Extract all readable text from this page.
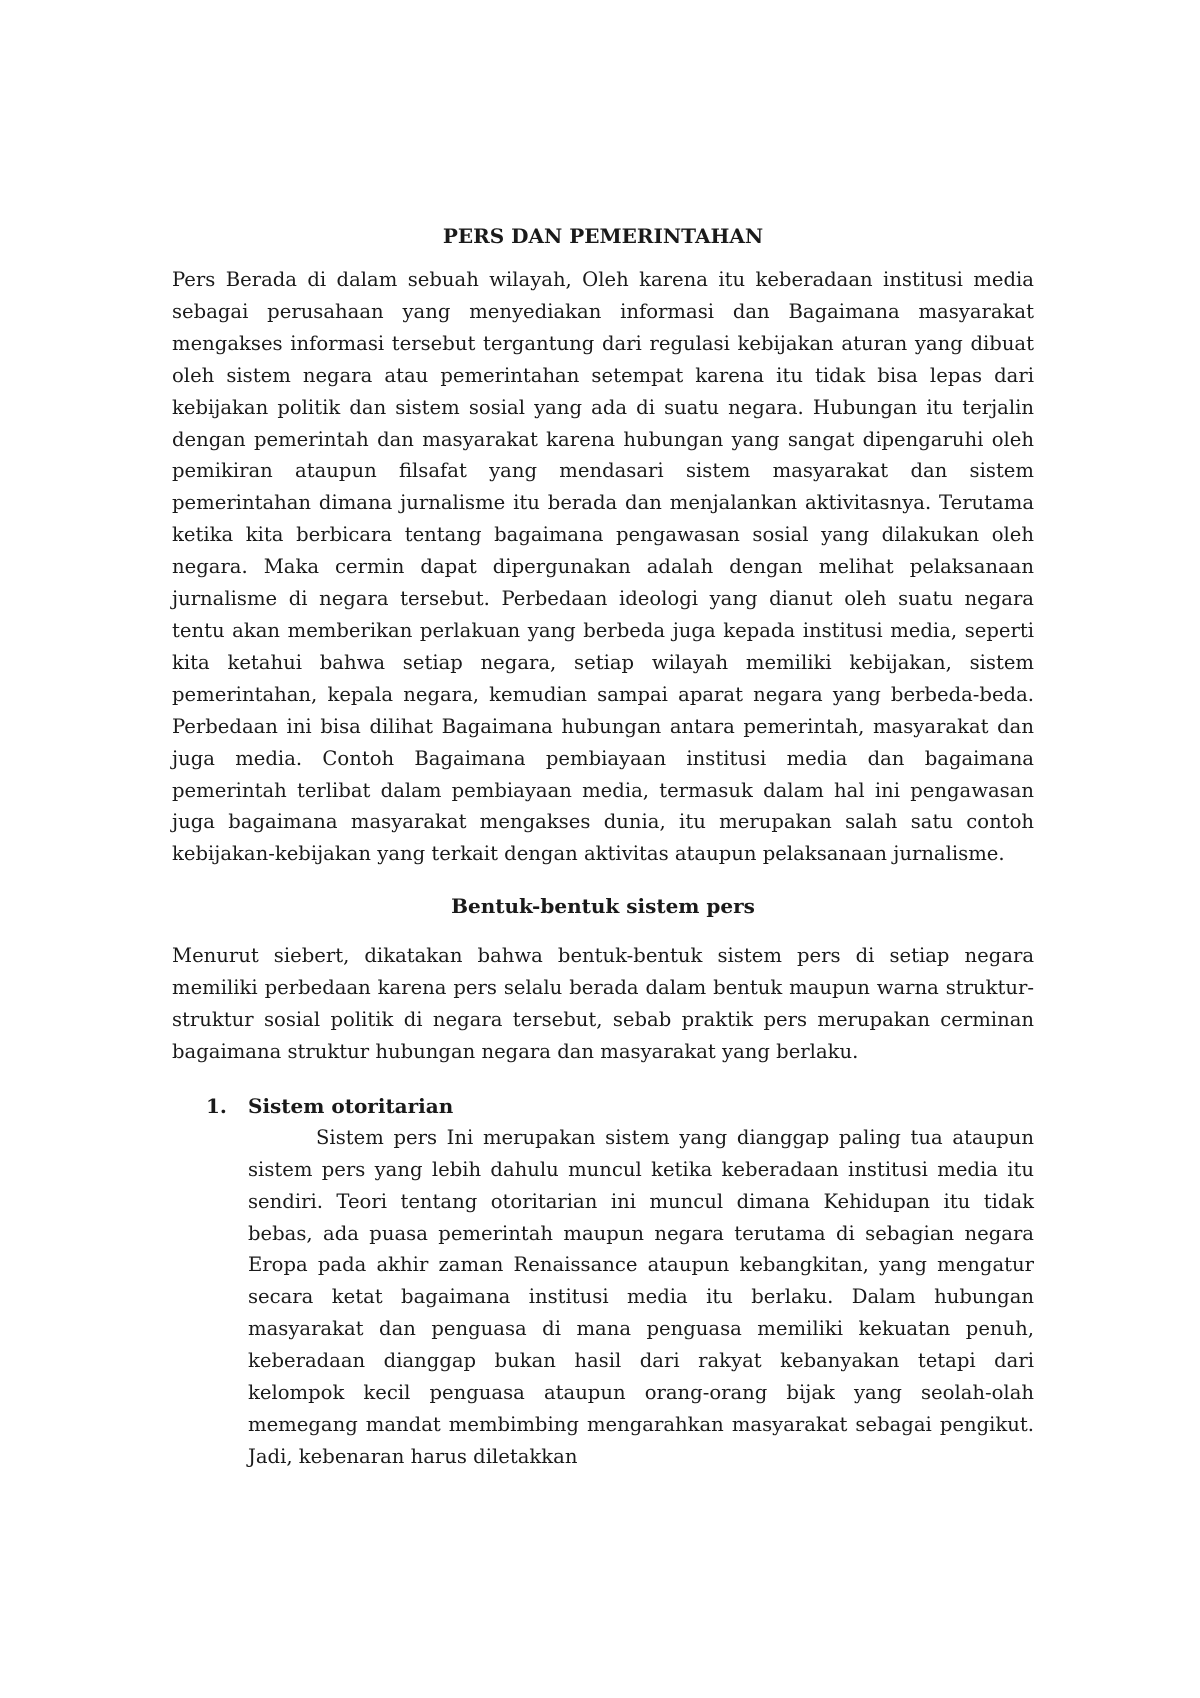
PERS DAN PEMERINTAHAN

Pers Berada di dalam sebuah wilayah, Oleh karena itu keberadaan institusi media sebagai perusahaan yang menyediakan informasi dan Bagaimana masyarakat mengakses informasi tersebut tergantung dari regulasi kebijakan aturan yang dibuat oleh sistem negara atau pemerintahan setempat karena itu tidak bisa lepas dari kebijakan politik dan sistem sosial yang ada di suatu negara. Hubungan itu terjalin dengan pemerintah dan masyarakat karena hubungan yang sangat dipengaruhi oleh pemikiran ataupun filsafat yang mendasari sistem masyarakat dan sistem pemerintahan dimana jurnalisme itu berada dan menjalankan aktivitasnya. Terutama ketika kita berbicara tentang bagaimana pengawasan sosial yang dilakukan oleh negara. Maka cermin dapat dipergunakan adalah dengan melihat pelaksanaan jurnalisme di negara tersebut. Perbedaan ideologi yang dianut oleh suatu negara tentu akan memberikan perlakuan yang berbeda juga kepada institusi media, seperti kita ketahui bahwa setiap negara, setiap wilayah memiliki kebijakan, sistem pemerintahan, kepala negara, kemudian sampai aparat negara yang berbeda-beda. Perbedaan ini bisa dilihat Bagaimana hubungan antara pemerintah, masyarakat dan juga media. Contoh Bagaimana pembiayaan institusi media dan bagaimana pemerintah terlibat dalam pembiayaan media, termasuk dalam hal ini pengawasan juga bagaimana masyarakat mengakses dunia, itu merupakan salah satu contoh kebijakan-kebijakan yang terkait dengan aktivitas ataupun pelaksanaan jurnalisme.

Bentuk-bentuk sistem pers

Menurut siebert, dikatakan bahwa bentuk-bentuk sistem pers di setiap negara memiliki perbedaan karena pers selalu berada dalam bentuk maupun warna struktur-struktur sosial politik di negara tersebut, sebab praktik pers merupakan cerminan bagaimana struktur hubungan negara dan masyarakat yang berlaku.

1. Sistem otoritarian

Sistem pers Ini merupakan sistem yang dianggap paling tua ataupun sistem pers yang lebih dahulu muncul ketika keberadaan institusi media itu sendiri. Teori tentang otoritarian ini muncul dimana Kehidupan itu tidak bebas, ada puasa pemerintah maupun negara terutama di sebagian negara Eropa pada akhir zaman Renaissance ataupun kebangkitan, yang mengatur secara ketat bagaimana institusi media itu berlaku. Dalam hubungan masyarakat dan penguasa di mana penguasa memiliki kekuatan penuh, keberadaan dianggap bukan hasil dari rakyat kebanyakan tetapi dari kelompok kecil penguasa ataupun orang-orang bijak yang seolah-olah memegang mandat membimbing mengarahkan masyarakat sebagai pengikut. Jadi, kebenaran harus diletakkan
